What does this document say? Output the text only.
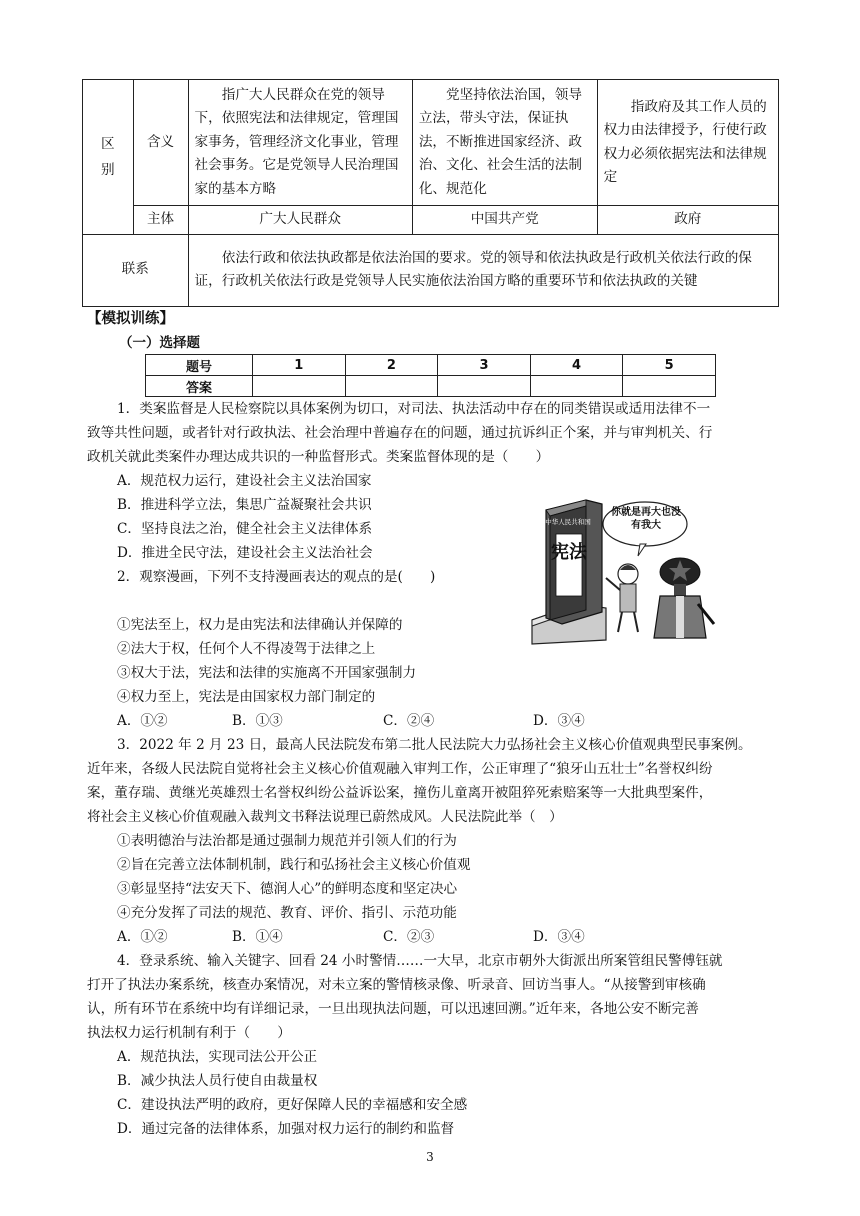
区别	含义	指广大人民群众在党的领导下，依照宪法和法律规定，管理国家事务，管理经济文化事业，管理社会事务。它是党领导人民治理国家的基本方略	党坚持依法治国，领导立法，带头守法，保证执法，不断推进国家经济、政治、文化、社会生活的法制化、规范化	指政府及其工作人员的权力由法律授予，行使行政权力必须依据宪法和法律规定
	主体	广大人民群众	中国共产党	政府
联系		依法行政和依法执政都是依法治国的要求。党的领导和依法执政是行政机关依法行政的保证，行政机关依法行政是党领导人民实施依法治国方略的重要环节和依法执政的关键		
【模拟训练】
（一）选择题
题号	1	2	3	4	5
答案					
1．类案监督是人民检察院以具体案例为切口，对司法、执法活动中存在的同类错误或适用法律不一
致等共性问题，或者针对行政执法、社会治理中普遍存在的问题，通过抗诉纠正个案，并与审判机关、行
政机关就此类案件办理达成共识的一种监督形式。类案监督体现的是（　　）
A．规范权力运行，建设社会主义法治国家
B．推进科学立法，集思广益凝聚社会共识
C．坚持良法之治，健全社会主义法律体系
D．推进全民守法，建设社会主义法治社会
2．观察漫画，下列不支持漫画表达的观点的是(　　)
①宪法至上，权力是由宪法和法律确认并保障的
②法大于权，任何个人不得凌驾于法律之上
③权大于法，宪法和法律的实施离不开国家强制力
④权力至上，宪法是由国家权力部门制定的
A．①②	B．①③	C．②④	D．③④
中华人民共和国
宪法
你就是再大也没有我大
3．2022 年 2 月 23 日，最高人民法院发布第二批人民法院大力弘扬社会主义核心价值观典型民事案例。
近年来，各级人民法院自觉将社会主义核心价值观融入审判工作，公正审理了“狼牙山五壮士”名誉权纠纷
案，董存瑞、黄继光英雄烈士名誉权纠纷公益诉讼案，撞伤儿童离开被阻猝死索赔案等一大批典型案件，
将社会主义核心价值观融入裁判文书释法说理已蔚然成风。人民法院此举（　）
①表明德治与法治都是通过强制力规范并引领人们的行为
②旨在完善立法体制机制，践行和弘扬社会主义核心价值观
③彰显坚持“法安天下、德润人心”的鲜明态度和坚定决心
④充分发挥了司法的规范、教育、评价、指引、示范功能
A．①②	B．①④	C．②③	D．③④
4．登录系统、输入关键字、回看 24 小时警情……一大早，北京市朝外大街派出所案管组民警傅钰就
打开了执法办案系统，核查办案情况，对未立案的警情核录像、听录音、回访当事人。“从接警到审核确
认，所有环节在系统中均有详细记录，一旦出现执法问题，可以迅速回溯。”近年来，各地公安不断完善
执法权力运行机制有利于（　　）
A．规范执法，实现司法公开公正
B．减少执法人员行使自由裁量权
C．建设执法严明的政府，更好保障人民的幸福感和安全感
D．通过完备的法律体系，加强对权力运行的制约和监督
3
